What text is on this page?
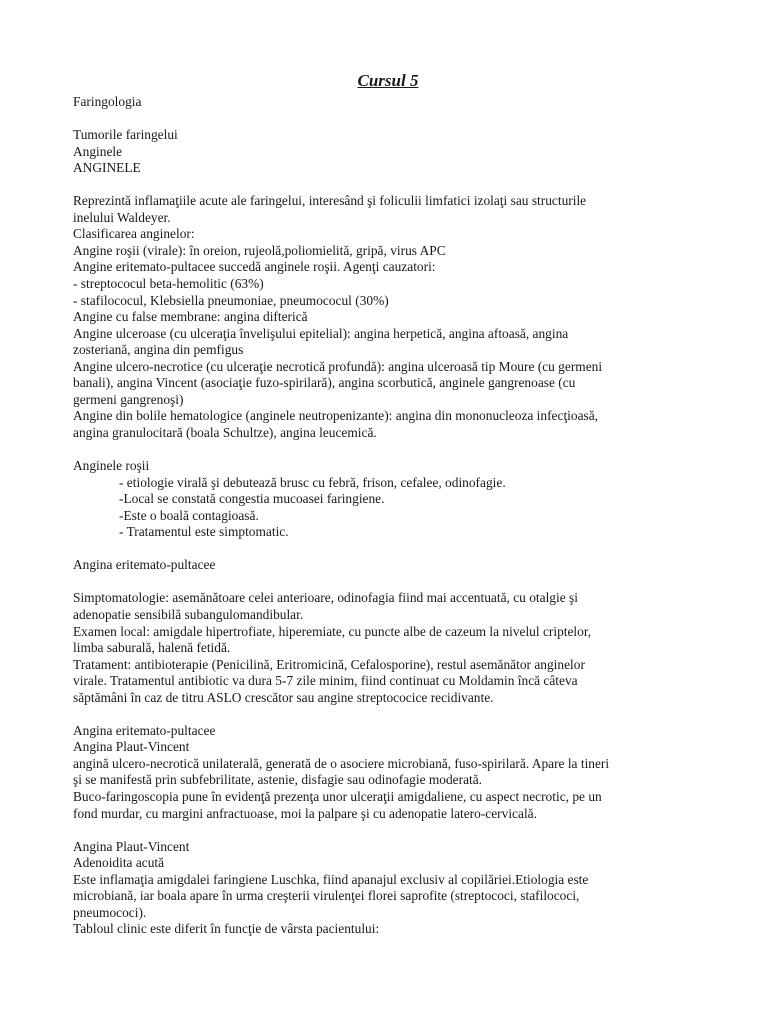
Cursul 5
Faringologia
Tumorile faringelui
Anginele
ANGINELE
Reprezintă inflamaţiile acute ale faringelui, interesând şi foliculii limfatici izolaţi sau structurile
inelului Waldeyer.
Clasificarea anginelor:
Angine roşii (virale): în oreion, rujeolă,poliomielită, gripă, virus APC
Angine eritemato-pultacee succedă anginele roşii. Agenţi cauzatori:
- streptococul beta-hemolitic (63%)
- stafilococul, Klebsiella pneumoniae, pneumococul (30%)
Angine cu false membrane: angina difterică
Angine ulceroase (cu ulceraţia învelişului epitelial): angina herpetică, angina aftoasă, angina
zosteriană, angina din pemfigus
Angine ulcero-necrotice (cu ulceraţie necrotică profundă): angina ulceroasă tip Moure (cu germeni
banali), angina Vincent (asociaţie fuzo-spirilară), angina scorbutică, anginele gangrenoase (cu
germeni gangrenoşi)
Angine din bolile hematologice (anginele neutropenizante): angina din mononucleoza infecţioasă,
angina granulocitară (boala Schultze), angina leucemică.
Anginele roşii
- etiologie virală şi debutează brusc cu febră, frison, cefalee, odinofagie.
-Local se constată congestia mucoasei faringiene.
-Este o boală contagioasă.
- Tratamentul este simptomatic.
Angina eritemato-pultacee
Simptomatologie: asemănătoare celei anterioare, odinofagia fiind mai accentuată, cu otalgie şi
adenopatie sensibilă subangulomandibular.
Examen local: amigdale hipertrofiate, hiperemiate, cu puncte albe de cazeum la nivelul criptelor,
limba saburală, halenă fetidă.
Tratament: antibioterapie (Penicilină, Eritromicină, Cefalosporine), restul asemănător anginelor
virale. Tratamentul antibiotic va dura 5-7 zile minim, fiind continuat cu Moldamin încă câteva
săptămâni în caz de titru ASLO crescător sau angine streptococice recidivante.
Angina eritemato-pultacee
Angina Plaut-Vincent
angină ulcero-necrotică unilaterală, generată de o asociere microbiană, fuso-spirilară. Apare la tineri
şi se manifestă prin subfebrilitate, astenie, disfagie sau odinofagie moderată.
Buco-faringoscopia pune în evidenţă prezenţa unor ulceraţii amigdaliene, cu aspect necrotic, pe un
fond murdar, cu margini anfractuoase, moi la palpare şi cu adenopatie latero-cervicală.
Angina Plaut-Vincent
Adenoidita acută
Este inflamaţia amigdalei faringiene Luschka, fiind apanajul exclusiv al copilăriei.Etiologia este
microbiană, iar boala apare în urma creşterii virulenţei florei saprofite (streptococi, stafilococi,
pneumococi).
Tabloul clinic este diferit în funcţie de vârsta pacientului:
